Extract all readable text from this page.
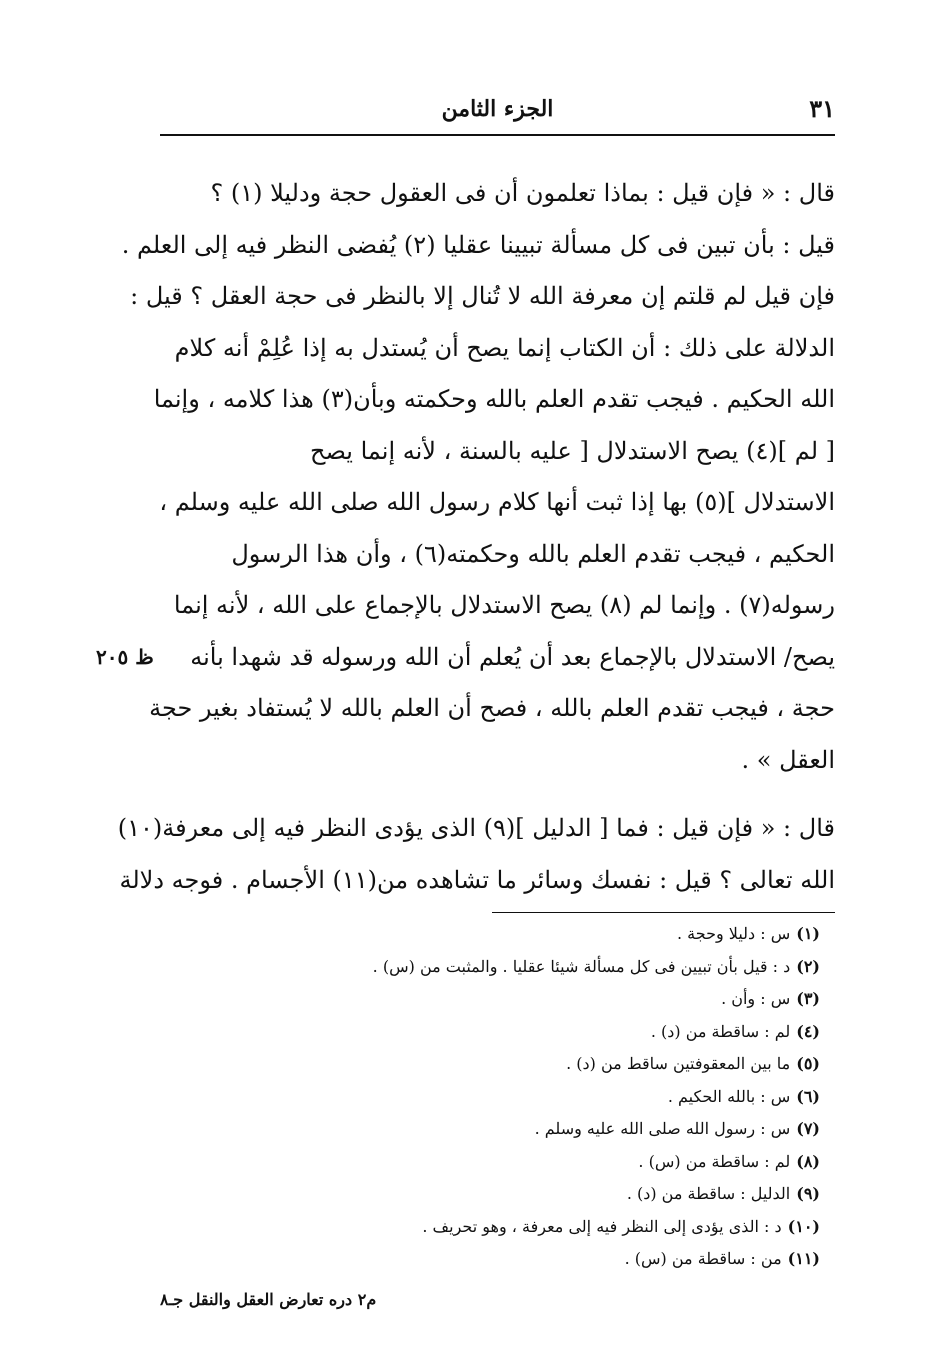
٣١
الجزء الثامن
قال : « فإن قيل : بماذا تعلمون أن فى العقول حجة ودليلا (١) ؟
قيل : بأن تبين فى كل مسألة تبيينا عقليا (٢) يُفضى النظر فيه إلى العلم .
فإن قيل لم قلتم إن معرفة الله لا تُنال إلا بالنظر فى حجة العقل ؟ قيل :
الدلالة على ذلك : أن الكتاب إنما يصح أن يُستدل به إذا عُلِمْ أنه كلام
الله الحكيم . فيجب تقدم العلم بالله وحكمته وبأن(٣) هذا كلامه ، وإنما
[ لم ](٤) يصح الاستدلال [ عليه بالسنة ، لأنه إنما يصح
الاستدلال ](٥) بها إذا ثبت أنها كلام رسول الله صلى الله عليه وسلم ،
الحكيم ، فيجب تقدم العلم بالله وحكمته(٦) ، وأن هذا الرسول
رسوله(٧) . وإنما لم (٨) يصح الاستدلال بالإجماع على الله ، لأنه إنما
يصح/ الاستدلال بالإجماع بعد أن يُعلم أن الله ورسوله قد شهدا بأنه
حجة ، فيجب تقدم العلم بالله ، فصح أن العلم بالله لا يُستفاد بغير حجة
العقل » .
قال : « فإن قيل : فما [ الدليل ](٩) الذى يؤدى النظر فيه إلى معرفة(١٠)
الله تعالى ؟ قيل : نفسك وسائر ما تشاهده من(١١) الأجسام . فوجه دلالة
ظ ٢٠٥
(١)س : دليلا وحجة .
(٢)د : قيل بأن تبيين فى كل مسألة شيئا عقليا . والمثبت من (س) .
(٣)س : وأن .
(٤)لم : ساقطة من (د) .
(٥)ما بين المعقوفتين ساقط من (د) .
(٦)س : بالله الحكيم .
(٧)س : رسول الله صلى الله عليه وسلم .
(٨)لم : ساقطة من (س) .
(٩)الدليل : ساقطة من (د) .
(١٠)د : الذى يؤدى إلى النظر فيه إلى معرفة ، وهو تحريف .
(١١)من : ساقطة من (س) .
م٢ دره تعارض العقل والنقل جـ٨
